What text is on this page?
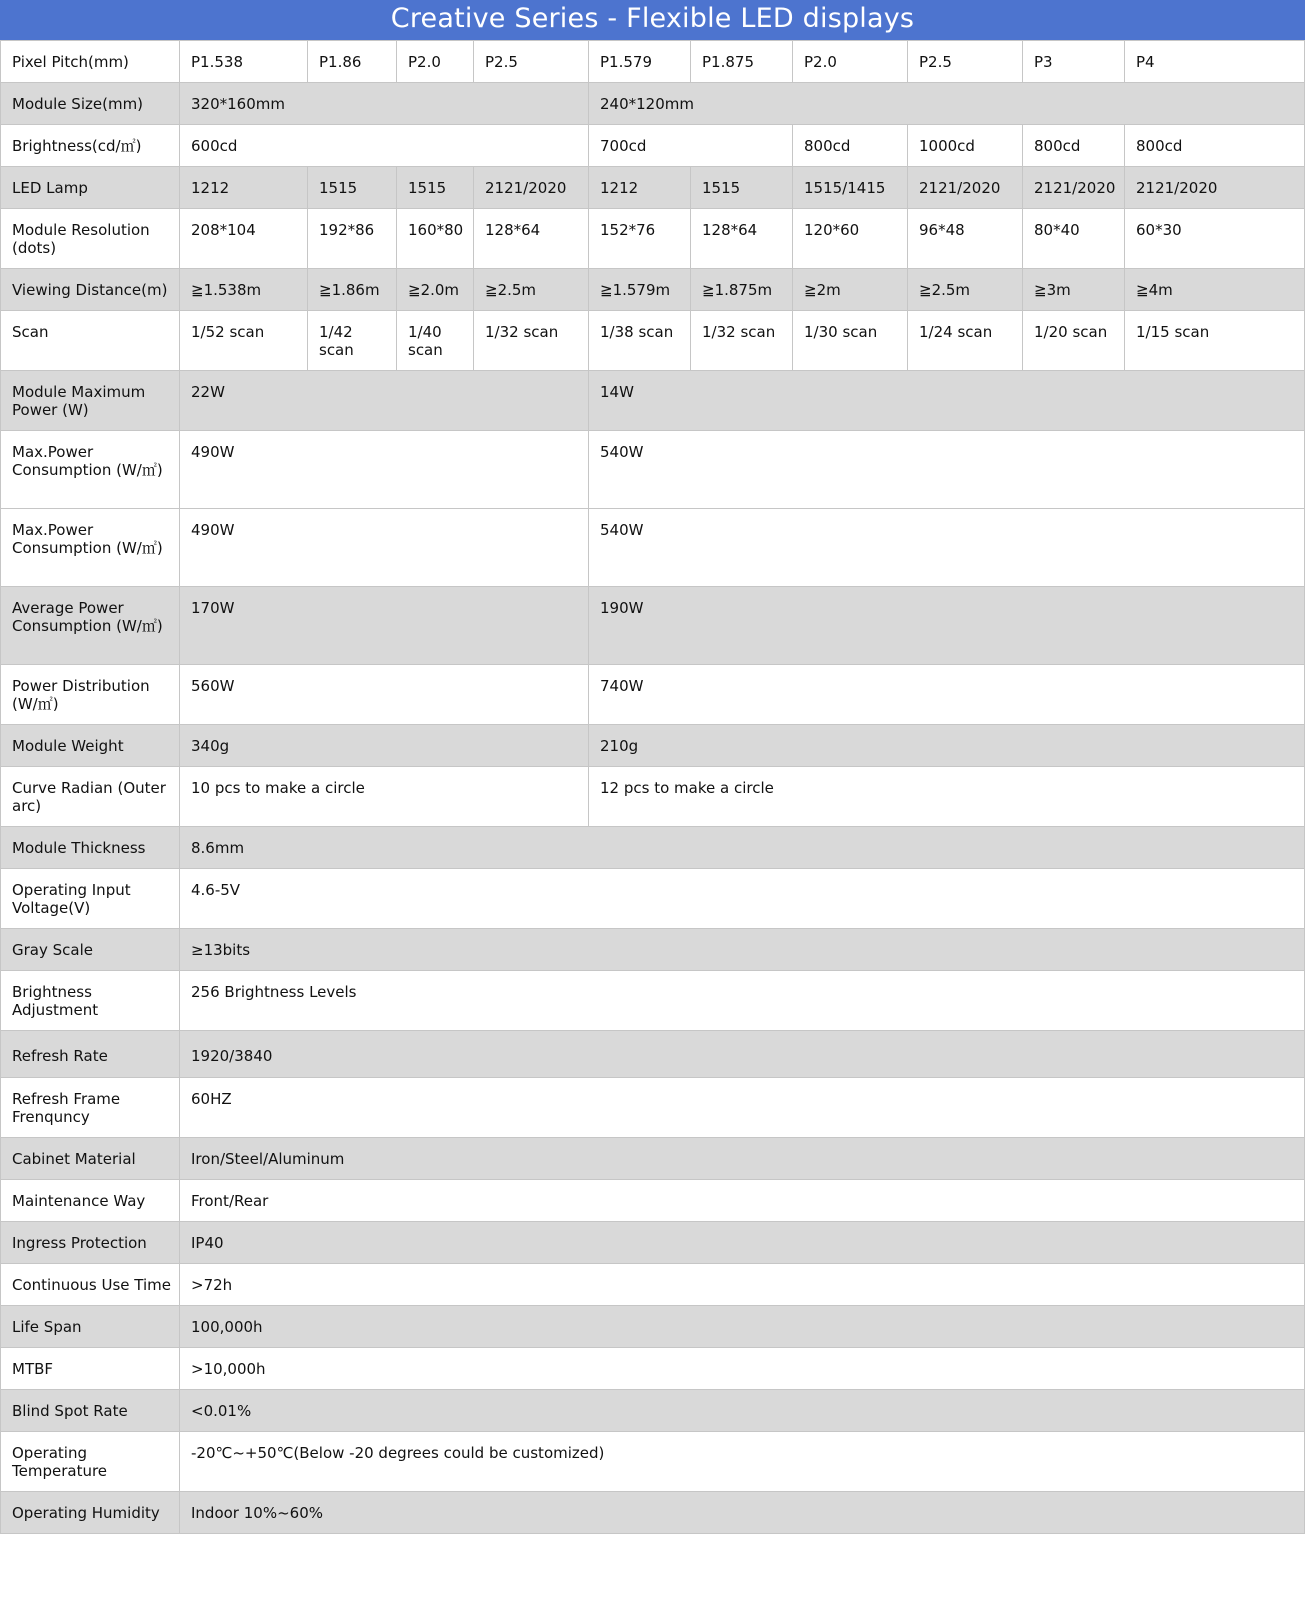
Creative Series - Flexible LED displays
Pixel Pitch(mm)	P1.538	P1.86	P2.0	P2.5	P1.579	P1.875	P2.0	P2.5	P3	P4
Module Size(mm)	320*160mm				240*120mm					
Brightness(cd/㎡)	600cd				700cd		800cd	1000cd	800cd	800cd
LED Lamp	1212	1515	1515	2121/2020	1212	1515	1515/1415	2121/2020	2121/2020	2121/2020
Module Resolution (dots)	208*104	192*86	160*80	128*64	152*76	128*64	120*60	96*48	80*40	60*30
Viewing Distance(m)	≧1.538m	≧1.86m	≧2.0m	≧2.5m	≧1.579m	≧1.875m	≧2m	≧2.5m	≧3m	≧4m
Scan	1/52 scan	1/42 scan	1/40 scan	1/32 scan	1/38 scan	1/32 scan	1/30 scan	1/24 scan	1/20 scan	1/15 scan
Module Maximum Power (W)	22W				14W					
Max.Power Consumption (W/㎡)	490W				540W					
Max.Power Consumption (W/㎡)	490W				540W					
Average Power Consumption (W/㎡)	170W				190W					
Power Distribution (W/㎡)	560W				740W					
Module Weight	340g				210g					
Curve Radian (Outer arc)	10 pcs to make a circle				12 pcs to make a circle					
Module Thickness	8.6mm									
Operating Input Voltage(V)	4.6-5V									
Gray Scale	≥13bits									
Brightness Adjustment	256 Brightness Levels									
Refresh Rate	1920/3840									
Refresh Frame Frenquncy	60HZ									
Cabinet Material	Iron/Steel/Aluminum									
Maintenance Way	Front/Rear									
Ingress Protection	IP40									
Continuous Use Time	>72h									
Life Span	100,000h									
MTBF	>10,000h									
Blind Spot Rate	<0.01%									
Operating Temperature	-20℃~+50℃(Below -20 degrees could be customized)									
Operating Humidity	Indoor 10%~60%									
